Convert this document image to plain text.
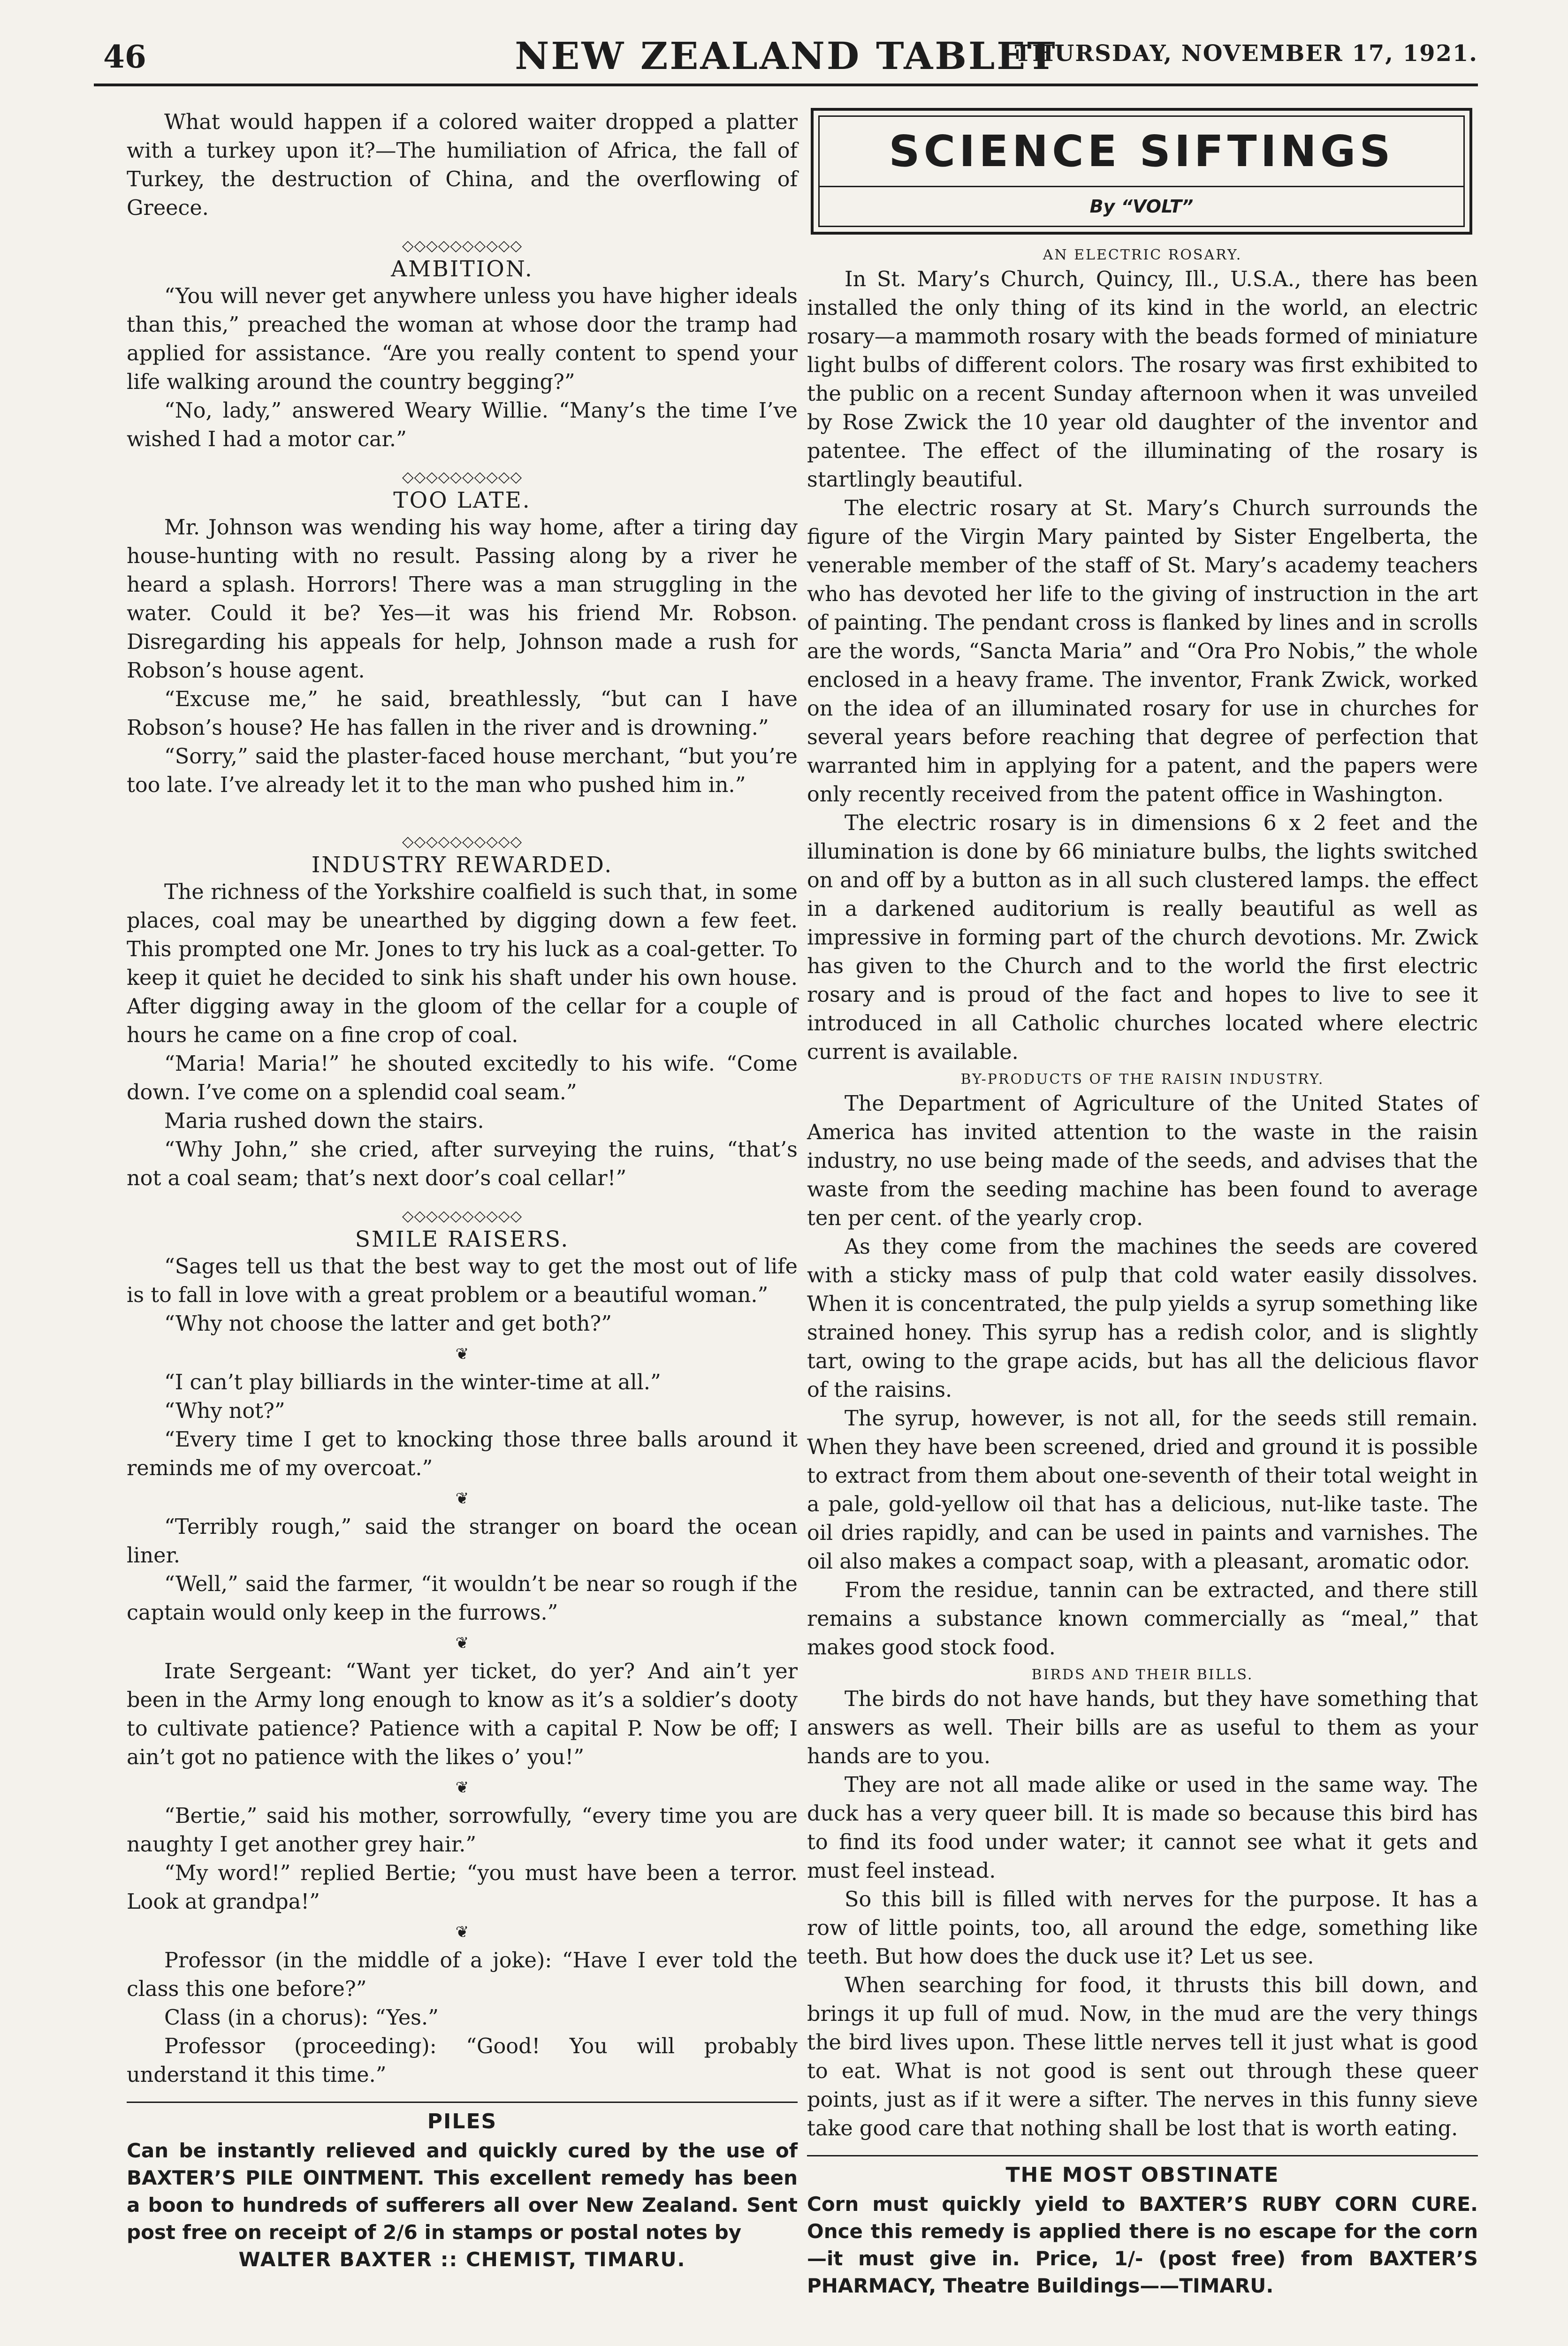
46	NEW ZEALAND TABLET
THURSDAY, NOVEMBER 17, 1921.

What would happen if a colored waiter dropped a platter with a turkey upon it?—The humiliation of Africa, the fall of Turkey, the destruction of China, and the overflowing of Greece.

◇◇◇◇◇◇◇◇◇◇
AMBITION.

“You will never get anywhere unless you have higher ideals than this,” preached the woman at whose door the tramp had applied for assistance. “Are you really content to spend your life walking around the country begging?”

“No, lady,” answered Weary Willie. “Many’s the time I’ve wished I had a motor car.”

◇◇◇◇◇◇◇◇◇◇
TOO LATE.

Mr. Johnson was wending his way home, after a tiring day house-hunting with no result. Passing along by a river he heard a splash. Horrors! There was a man struggling in the water. Could it be? Yes—it was his friend Mr. Robson. Disregarding his appeals for help, Johnson made a rush for Robson’s house agent.

“Excuse me,” he said, breathlessly, “but can I have Robson’s house? He has fallen in the river and is drowning.”

“Sorry,” said the plaster-faced house merchant, “but you’re too late. I’ve already let it to the man who pushed him in.”

◇◇◇◇◇◇◇◇◇◇
INDUSTRY REWARDED.

The richness of the Yorkshire coalfield is such that, in some places, coal may be unearthed by digging down a few feet. This prompted one Mr. Jones to try his luck as a coal-getter. To keep it quiet he decided to sink his shaft under his own house. After digging away in the gloom of the cellar for a couple of hours he came on a fine crop of coal.

“Maria! Maria!” he shouted excitedly to his wife. “Come down. I’ve come on a splendid coal seam.”

Maria rushed down the stairs.

“Why John,” she cried, after surveying the ruins, “that’s not a coal seam; that’s next door’s coal cellar!”

◇◇◇◇◇◇◇◇◇◇
SMILE RAISERS.

“Sages tell us that the best way to get the most out of life is to fall in love with a great problem or a beautiful woman.”

“Why not choose the latter and get both?”

❦

“I can’t play billiards in the winter-time at all.”

“Why not?”

“Every time I get to knocking those three balls around it reminds me of my overcoat.”

❦

“Terribly rough,” said the stranger on board the ocean liner.

“Well,” said the farmer, “it wouldn’t be near so rough if the captain would only keep in the furrows.”

❦

Irate Sergeant: “Want yer ticket, do yer? And ain’t yer been in the Army long enough to know as it’s a soldier’s dooty to cultivate patience? Patience with a capital P. Now be off; I ain’t got no patience with the likes o’ you!”

❦

“Bertie,” said his mother, sorrowfully, “every time you are naughty I get another grey hair.”

“My word!” replied Bertie; “you must have been a terror. Look at grandpa!”

❦

Professor (in the middle of a joke): “Have I ever told the class this one before?”

Class (in a chorus): “Yes.”

Professor (proceeding): “Good! You will probably understand it this time.”

PILES

Can be instantly relieved and quickly cured by the use of BAXTER’S PILE OINTMENT. This excellent remedy has been a boon to hundreds of sufferers all over New Zealand. Sent post free on receipt of 2/6 in stamps or postal notes by

WALTER BAXTER :: CHEMIST, TIMARU.
SCIENCE SIFTINGS
By “VOLT”
AN ELECTRIC ROSARY.

In St. Mary’s Church, Quincy, Ill., U.S.A., there has been installed the only thing of its kind in the world, an electric rosary—a mammoth rosary with the beads formed of miniature light bulbs of different colors. The rosary was first exhibited to the public on a recent Sunday afternoon when it was unveiled by Rose Zwick the 10 year old daughter of the inventor and patentee. The effect of the illuminating of the rosary is startlingly beautiful.

The electric rosary at St. Mary’s Church surrounds the figure of the Virgin Mary painted by Sister Engelberta, the venerable member of the staff of St. Mary’s academy teachers who has devoted her life to the giving of instruction in the art of painting. The pendant cross is flanked by lines and in scrolls are the words, “Sancta Maria” and “Ora Pro Nobis,” the whole enclosed in a heavy frame. The inventor, Frank Zwick, worked on the idea of an illuminated rosary for use in churches for several years before reaching that degree of perfection that warranted him in applying for a patent, and the papers were only recently received from the patent office in Washington.

The electric rosary is in dimensions 6 x 2 feet and the illumination is done by 66 miniature bulbs, the lights switched on and off by a button as in all such clustered lamps. the effect in a darkened auditorium is really beautiful as well as impressive in forming part of the church devotions. Mr. Zwick has given to the Church and to the world the first electric rosary and is proud of the fact and hopes to live to see it introduced in all Catholic churches located where electric current is available.

BY-PRODUCTS OF THE RAISIN INDUSTRY.

The Department of Agriculture of the United States of America has invited attention to the waste in the raisin industry, no use being made of the seeds, and advises that the waste from the seeding machine has been found to average ten per cent. of the yearly crop.

As they come from the machines the seeds are covered with a sticky mass of pulp that cold water easily dissolves. When it is concentrated, the pulp yields a syrup something like strained honey. This syrup has a redish color, and is slightly tart, owing to the grape acids, but has all the delicious flavor of the raisins.

The syrup, however, is not all, for the seeds still remain. When they have been screened, dried and ground it is possible to extract from them about one-seventh of their total weight in a pale, gold-yellow oil that has a delicious, nut-like taste. The oil dries rapidly, and can be used in paints and varnishes. The oil also makes a compact soap, with a pleasant, aromatic odor.

From the residue, tannin can be extracted, and there still remains a substance known commercially as “meal,” that makes good stock food.

BIRDS AND THEIR BILLS.

The birds do not have hands, but they have something that answers as well. Their bills are as useful to them as your hands are to you.

They are not all made alike or used in the same way. The duck has a very queer bill. It is made so because this bird has to find its food under water; it cannot see what it gets and must feel instead.

So this bill is filled with nerves for the purpose. It has a row of little points, too, all around the edge, something like teeth. But how does the duck use it? Let us see.

When searching for food, it thrusts this bill down, and brings it up full of mud. Now, in the mud are the very things the bird lives upon. These little nerves tell it just what is good to eat. What is not good is sent out through these queer points, just as if it were a sifter. The nerves in this funny sieve take good care that nothing shall be lost that is worth eating.

THE MOST OBSTINATE

Corn must quickly yield to BAXTER’S RUBY CORN CURE. Once this remedy is applied there is no escape for the corn—it must give in. Price, 1/- (post free) from BAXTER’S PHARMACY, Theatre Buildings——TIMARU.
